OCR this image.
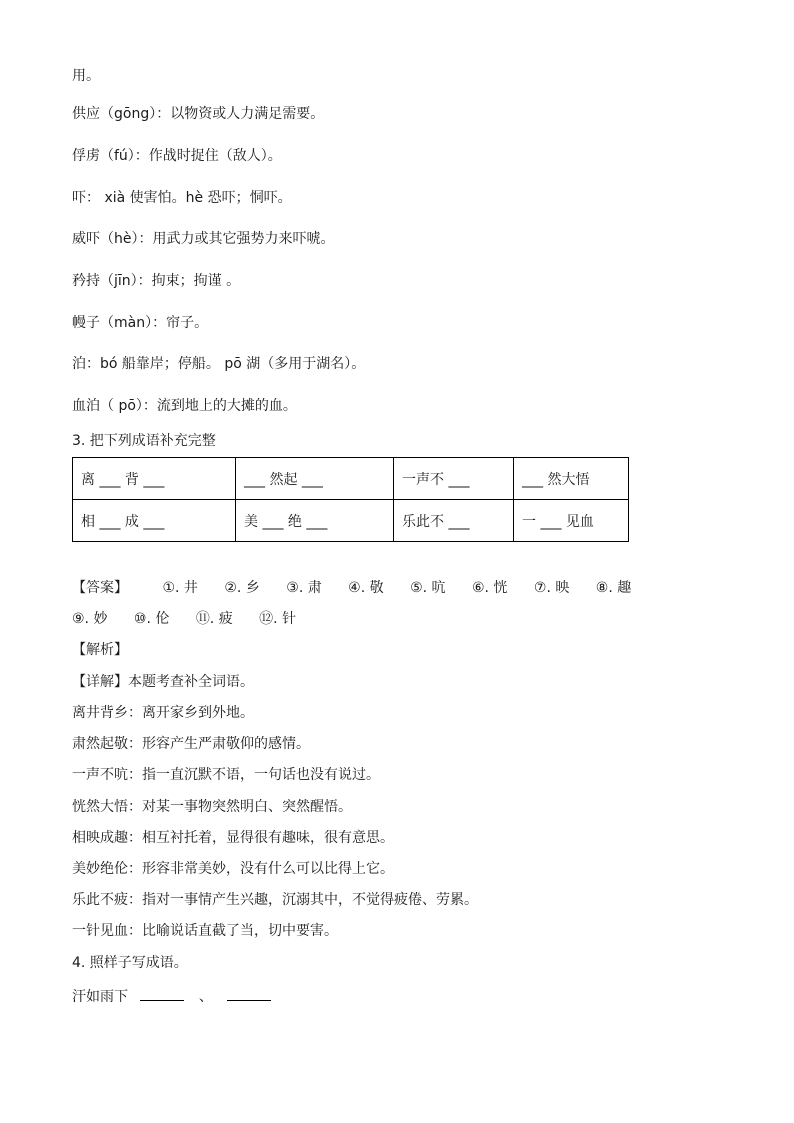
用。
供应（gōng）：以物资或人力满足需要。
俘虏（fú）：作战时捉住（敌人）。
吓： xià 使害怕。hè 恐吓；恫吓。
威吓（hè）：用武力或其它强势力来吓唬。
矜持（jīn）：拘束；拘谨 。
幔子（màn）：帘子。
泊：bó 船靠岸；停船。 pō 湖（多用于湖名）。
血泊（ pō）：流到地上的大摊的血。
3. 把下列成语补充完整
离 ___ 背 ___	___ 然起 ___	一声不 ___	___ 然大悟
相 ___ 成 ___	美 ___ 绝 ___	乐此不 ___	一 ___ 见血
【答案】 ①. 井 ②. 乡 ③. 肃 ④. 敬 ⑤. 吭 ⑥. 恍 ⑦. 映 ⑧. 趣
⑨. 妙 ⑩. 伦 ⑪. 疲 ⑫. 针
【解析】
【详解】本题考查补全词语。
离井背乡：离开家乡到外地。
肃然起敬：形容产生严肃敬仰的感情。
一声不吭：指一直沉默不语，一句话也没有说过。
恍然大悟：对某一事物突然明白、突然醒悟。
相映成趣：相互衬托着，显得很有趣味，很有意思。
美妙绝伦：形容非常美妙，没有什么可以比得上它。
乐此不疲：指对一事情产生兴趣，沉溺其中，不觉得疲倦、劳累。
一针见血：比喻说话直截了当，切中要害。
4. 照样子写成语。
汗如雨下	、
